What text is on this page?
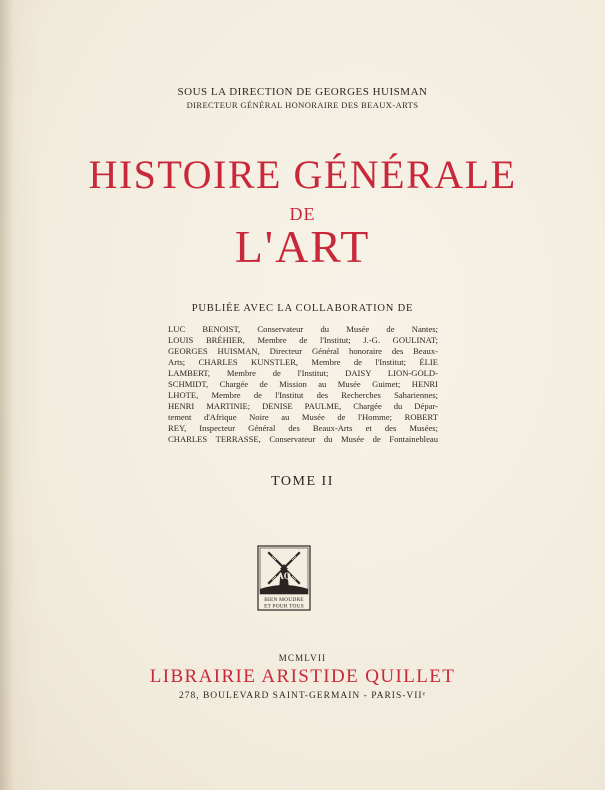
SOUS LA DIRECTION DE GEORGES HUISMAN
DIRECTEUR GÉNÉRAL HONORAIRE DES BEAUX-ARTS
HISTOIRE GÉNÉRALE
DE
L'ART
PUBLIÉE AVEC LA COLLABORATION DE
LUC BENOIST, Conservateur du Musée de Nantes;
LOUIS BRÉHIER, Membre de l'Institut; J.-G. GOULINAT;
GEORGES HUISMAN, Directeur Général honoraire des Beaux-
Arts; CHARLES KUNSTLER, Membre de l'Institut; ÉLIE
LAMBERT, Membre de l'Institut; DAISY LION-GOLD-
SCHMIDT, Chargée de Mission au Musée Guimet; HENRI
LHOTE, Membre de l'Institut des Recherches Sahariennes;
HENRI MARTINIE; DENISE PAULME, Chargée du Dépar-
tement d'Afrique Noire au Musée de l'Homme; ROBERT
REY, Inspecteur Général des Beaux-Arts et des Musées;
CHARLES TERRASSE, Conservateur du Musée de Fontainebleau
TOME II
AQ
BIEN MOUDRE
ET POUR TOUS
MCMLVII
LIBRAIRIE ARISTIDE QUILLET
278, BOULEVARD SAINT-GERMAIN - PARIS-VIIᵉ
